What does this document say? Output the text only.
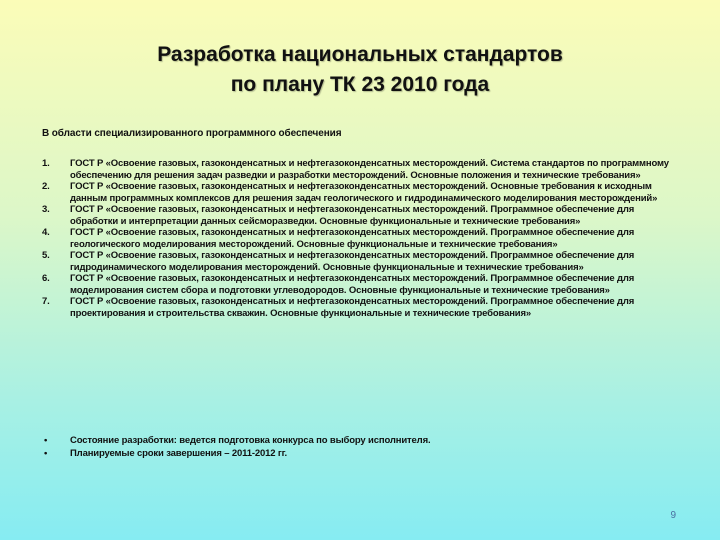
Разработка национальных стандартов
по плану ТК 23 2010 года
В области специализированного программного обеспечения
1. ГОСТ Р «Освоение газовых, газоконденсатных и нефтегазоконденсатных месторождений. Система стандартов по программному обеспечению для решения задач разведки и разработки месторождений. Основные положения и технические требования»
2. ГОСТ Р «Освоение газовых, газоконденсатных и нефтегазоконденсатных месторождений. Основные требования к исходным данным программных комплексов для решения задач геологического и гидродинамического моделирования месторождений»
3. ГОСТ Р «Освоение газовых, газоконденсатных и нефтегазоконденсатных месторождений. Программное обеспечение для обработки и интерпретации данных сейсморазведки. Основные функциональные и технические требования»
4. ГОСТ Р «Освоение газовых, газоконденсатных и нефтегазоконденсатных месторождений. Программное обеспечение для геологического моделирования месторождений. Основные функциональные и технические требования»
5. ГОСТ Р «Освоение газовых, газоконденсатных и нефтегазоконденсатных месторождений. Программное обеспечение для гидродинамического моделирования месторождений. Основные функциональные и технические требования»
6. ГОСТ Р «Освоение газовых, газоконденсатных и нефтегазоконденсатных месторождений. Программное обеспечение для моделирования систем сбора и подготовки углеводородов. Основные функциональные и технические требования»
7. ГОСТ Р «Освоение газовых, газоконденсатных и нефтегазоконденсатных месторождений. Программное обеспечение для проектирования и строительства скважин. Основные функциональные и технические требования»
• Состояние разработки: ведется подготовка конкурса по выбору исполнителя.
• Планируемые сроки завершения – 2011-2012 гг.
9
